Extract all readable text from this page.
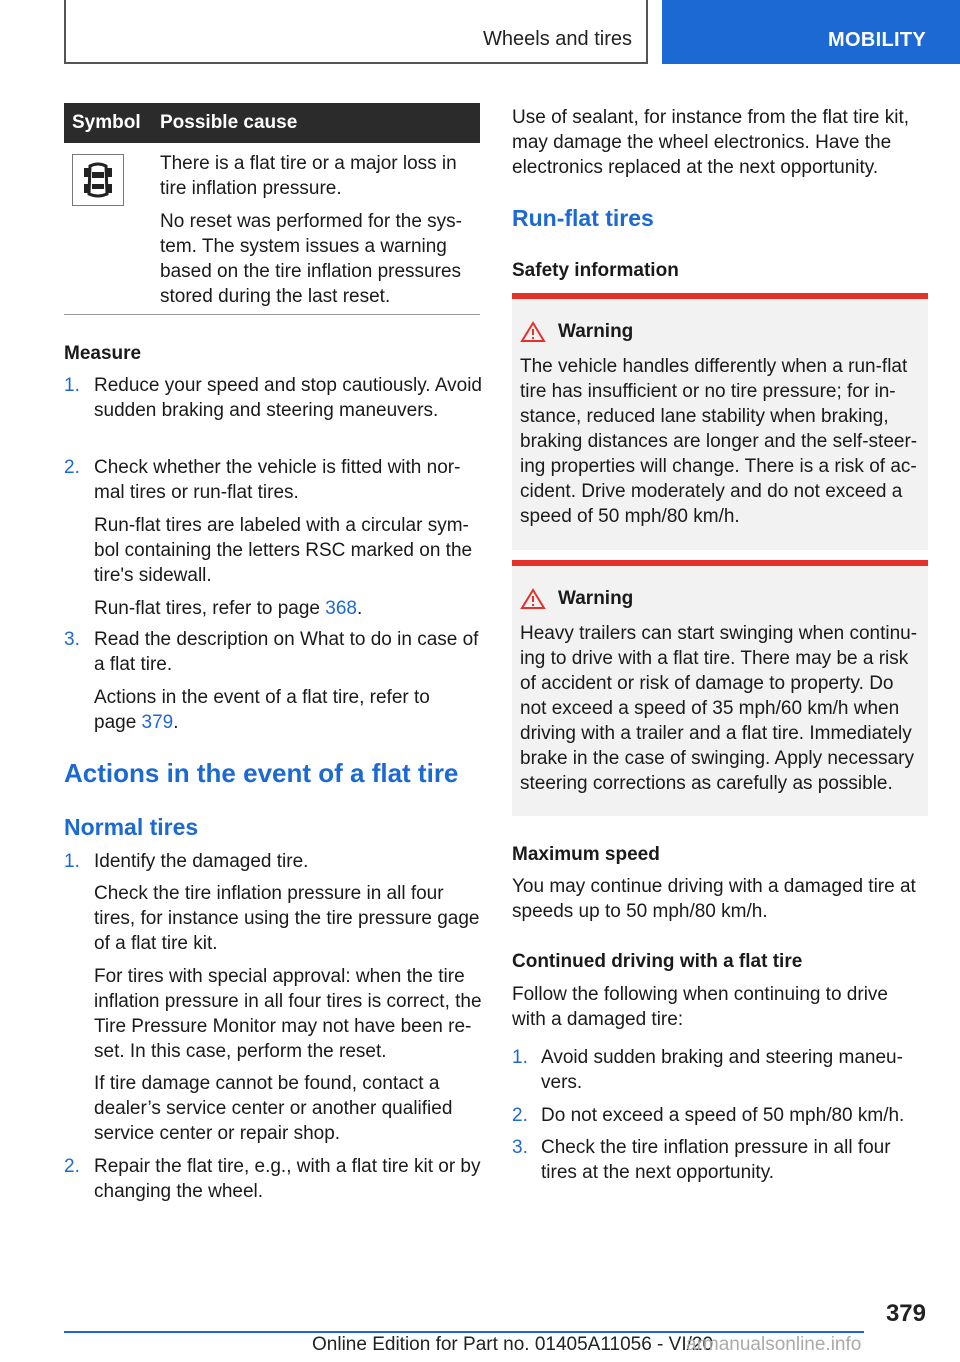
Wheels and tires	MOBILITY
Symbol	Possible cause

There is a flat tire or a major loss in tire inflation pressure.

No reset was performed for the system. The system issues a warning based on the tire inflation pressures stored during the last reset.

Measure
1. Reduce your speed and stop cautiously. Avoid sudden braking and steering maneuvers.
2. Check whether the vehicle is fitted with normal tires or run-flat tires.
Run-flat tires are labeled with a circular symbol containing the letters RSC marked on the tire's sidewall.
Run-flat tires, refer to page 368.
3. Read the description on What to do in case of a flat tire.
Actions in the event of a flat tire, refer to page 379.
Actions in the event of a flat tire
Normal tires
1. Identify the damaged tire.
Check the tire inflation pressure in all four tires, for instance using the tire pressure gage of a flat tire kit.
For tires with special approval: when the tire inflation pressure in all four tires is correct, the Tire Pressure Monitor may not have been reset. In this case, perform the reset.
If tire damage cannot be found, contact a dealer’s service center or another qualified service center or repair shop.
2. Repair the flat tire, e.g., with a flat tire kit or by changing the wheel.
Use of sealant, for instance from the flat tire kit, may damage the wheel electronics. Have the electronics replaced at the next opportunity.
Run-flat tires
Safety information
Warning
The vehicle handles differently when a run-flat tire has insufficient or no tire pressure; for instance, reduced lane stability when braking, braking distances are longer and the self-steering properties will change. There is a risk of accident. Drive moderately and do not exceed a speed of 50 mph/80 km/h.
Warning
Heavy trailers can start swinging when continuing to drive with a flat tire. There may be a risk of accident or risk of damage to property. Do not exceed a speed of 35 mph/60 km/h when driving with a trailer and a flat tire. Immediately brake in the case of swinging. Apply necessary steering corrections as carefully as possible.
Maximum speed
You may continue driving with a damaged tire at speeds up to 50 mph/80 km/h.
Continued driving with a flat tire
Follow the following when continuing to drive with a damaged tire:
1. Avoid sudden braking and steering maneuvers.
2. Do not exceed a speed of 50 mph/80 km/h.
3. Check the tire inflation pressure in all four tires at the next opportunity.
379
Online Edition for Part no. 01405A11056 - VI/20
armanualsonline.info
